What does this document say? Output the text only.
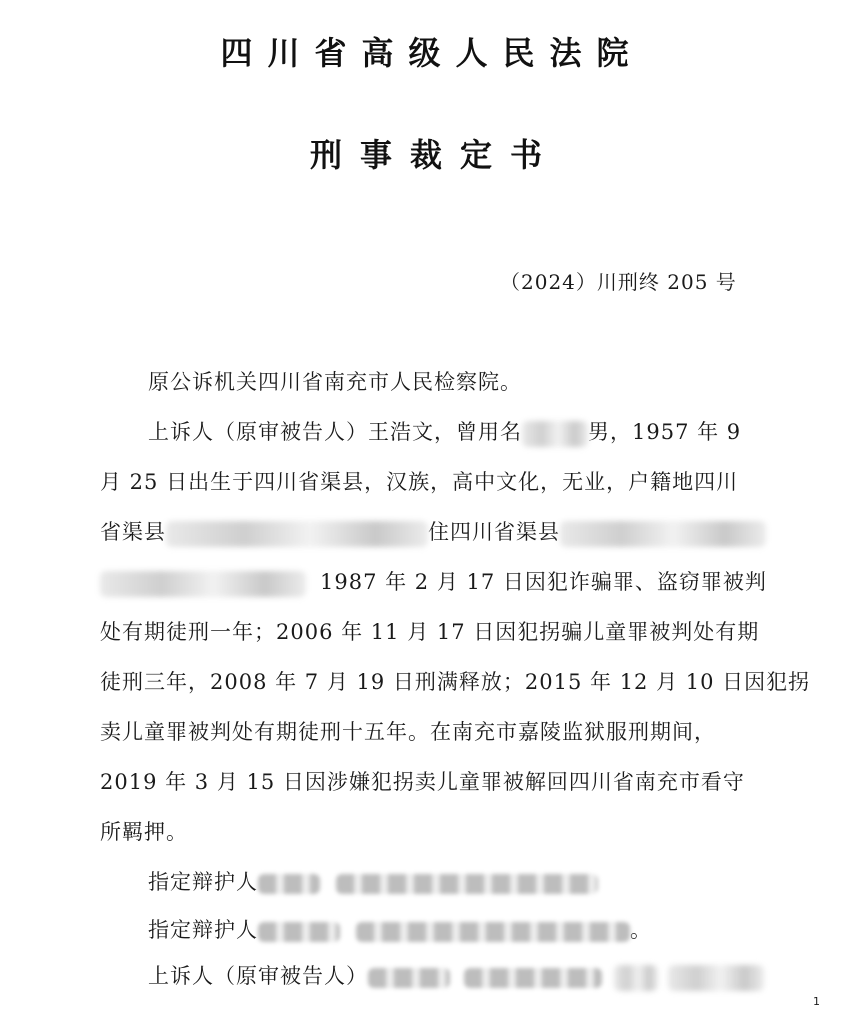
四川省高级人民法院
刑事裁定书
（2024）川刑终 205 号
原公诉机关四川省南充市人民检察院。
上诉人（原审被告人）王浩文，曾用名	男，1957 年 9
月 25 日出生于四川省渠县，汉族，高中文化，无业，户籍地四川
省渠县	住四川省渠县
1987 年 2 月 17 日因犯诈骗罪、盗窃罪被判
处有期徒刑一年；2006 年 11 月 17 日因犯拐骗儿童罪被判处有期
徒刑三年，2008 年 7 月 19 日刑满释放；2015 年 12 月 10 日因犯拐
卖儿童罪被判处有期徒刑十五年。在南充市嘉陵监狱服刑期间，
2019 年 3 月 15 日因涉嫌犯拐卖儿童罪被解回四川省南充市看守
所羁押。
指定辩护人
指定辩护人	。
上诉人（原审被告人）
1
